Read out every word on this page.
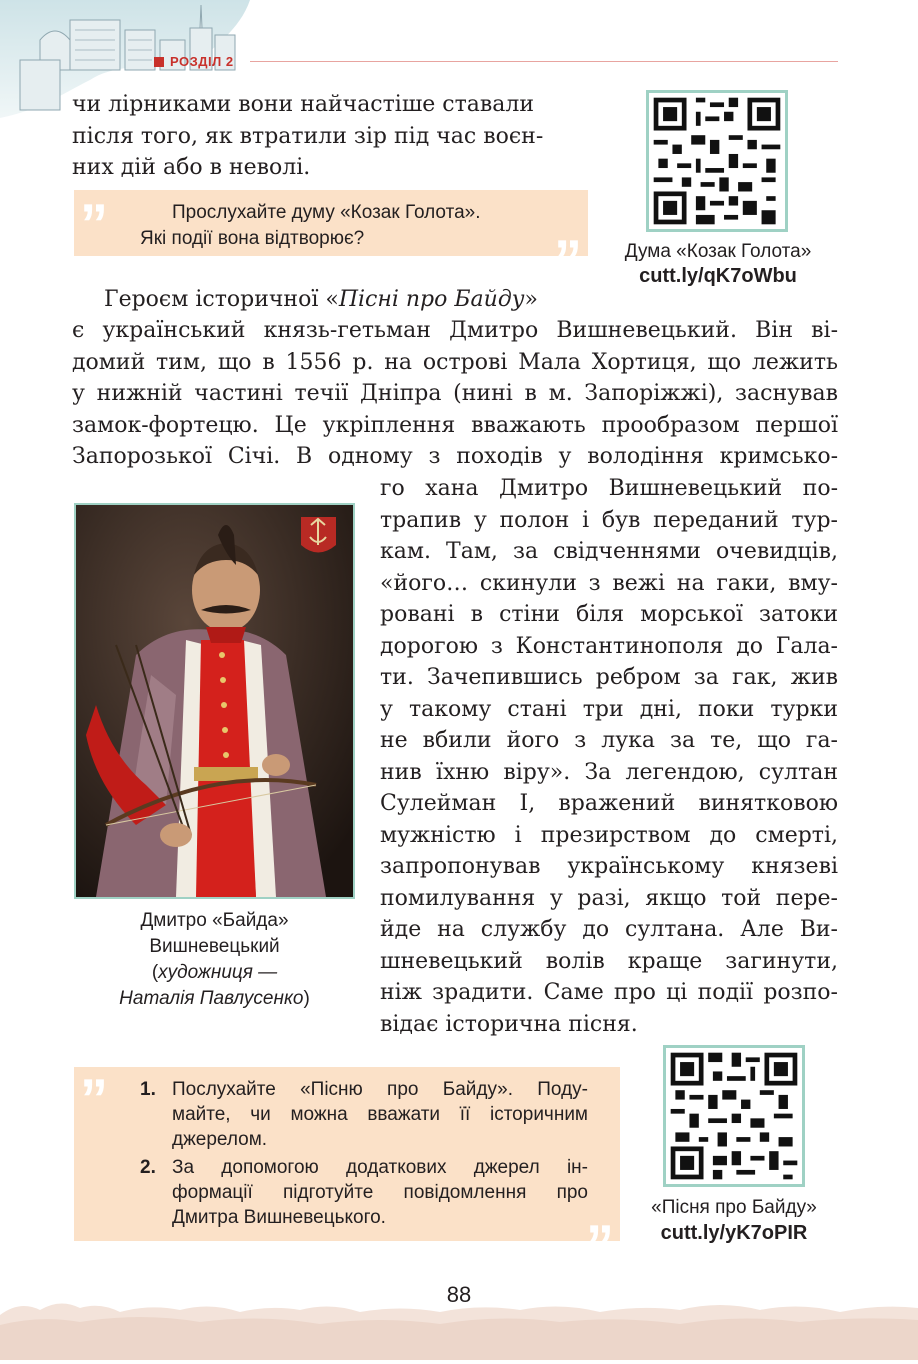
РОЗДІЛ 2
чи лірниками вони найчастіше ставали
після того, як втратили зір під час воєн-
них дій або в неволі.
”
”
Прослухайте думу «Козак Голота».
Які події вона відтворює?
Дума «Козак Голота»
cutt.ly/qK7oWbu
Героєм історичної «Пісні про Байду»
є український князь-гетьман Дмитро Вишневецький. Він ві-
домий тим, що в 1556 р. на острові Мала Хортиця, що лежить
у нижній частині течії Дніпра (нині в м. Запоріжжі), заснував
замок-фортецю. Це укріплення вважають прообразом першої
Запорозької Січі. В одному з походів у володіння кримсько-
го хана Дмитро Вишневецький по-
трапив у полон і був переданий тур-
кам. Там, за свідченнями очевидців,
«його… скинули з вежі на гаки, вму-
ровані в стіни біля морської затоки
дорогою з Константинополя до Гала-
ти. Зачепившись ребром за гак, жив
у такому стані три дні, поки турки
не вбили його з лука за те, що га-
нив їхню віру». За легендою, султан
Сулейман І, вражений винятковою
мужністю і презирством до смерті,
запропонував українському князеві
помилування у разі, якщо той пере-
йде на службу до султана. Але Ви-
шневецький волів краще загинути,
ніж зрадити. Саме про ці події розпо-
відає історична пісня.
Дмитро «Байда»
Вишневецький
(художниця —
Наталія Павлусенко)
”
”
1. Послухайте «Пісню про Байду». Поду-
майте, чи можна вважати її історичним
джерелом.
2. За допомогою додаткових джерел ін-
формації підготуйте повідомлення про
Дмитра Вишневецького.	«Пісня про Байду»
cutt.ly/yK7oPIR
88
